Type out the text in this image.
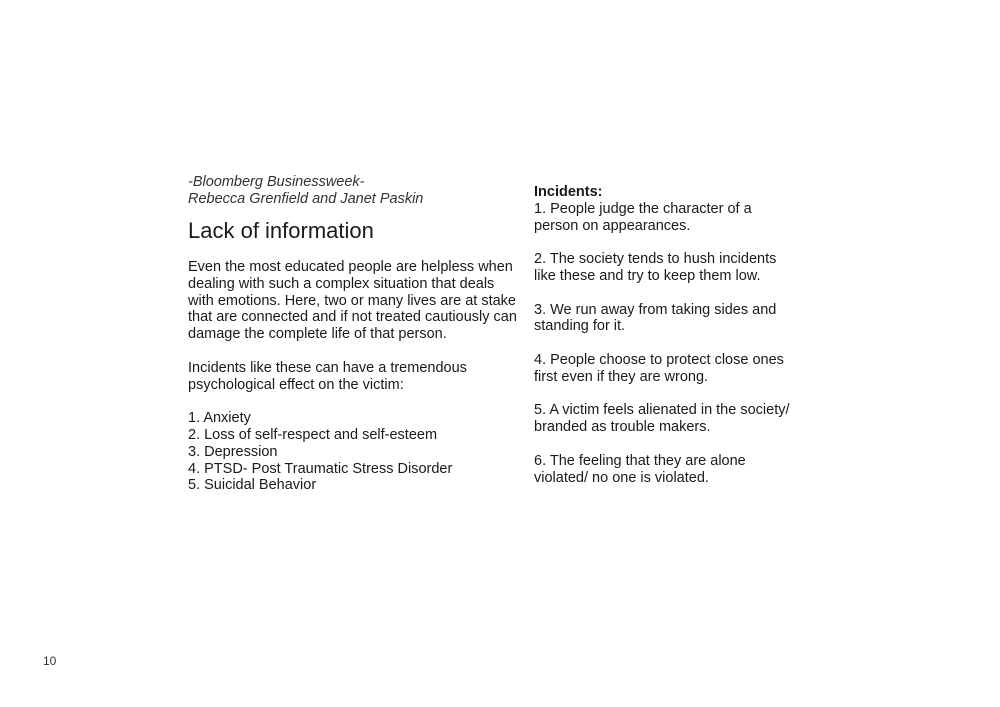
-Bloomberg Businessweek-
Rebecca Grenfield and Janet Paskin
Lack of information
Even the most educated people are helpless when dealing with such a complex situation that deals with emotions. Here, two or many lives are at stake that are connected and if not treated cautiously can damage the complete life of that person.
Incidents like these can have a tremendous psychological effect on the victim:
1. Anxiety
2. Loss of self-respect and self-esteem
3. Depression
4. PTSD- Post Traumatic Stress Disorder
5. Suicidal Behavior
Incidents:
1. People judge the character of a person on appearances.
2. The society tends to hush incidents like these and try to keep them low.
3. We run away from taking sides and standing for it.
4. People choose to protect close ones first even if they are wrong.
5. A victim feels alienated in the society/ branded as trouble makers.
6. The feeling that they are alone violated/ no one is violated.
10
